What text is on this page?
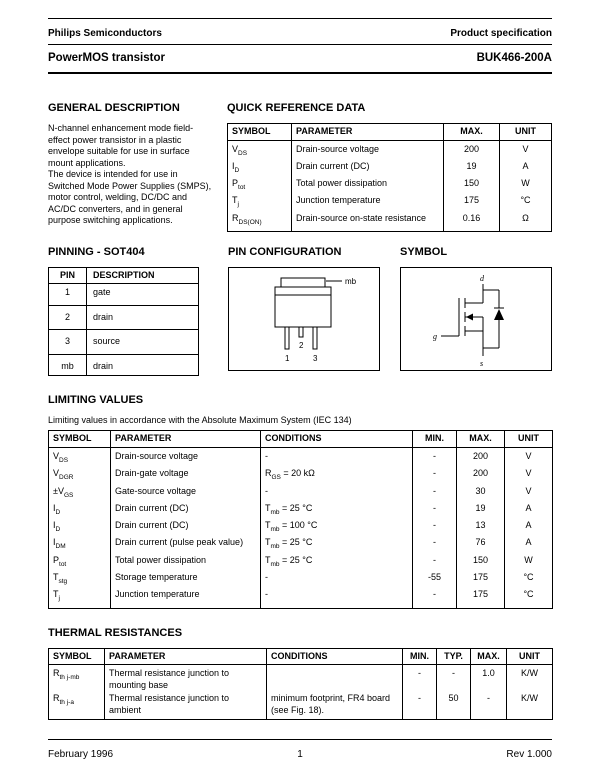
Philips Semiconductors	Product specification
PowerMOS transistor	BUK466-200A
GENERAL DESCRIPTION

N-channel enhancement mode field-effect power transistor in a plastic envelope suitable for use in surface mount applications.

The device is intended for use in Switched Mode Power Supplies (SMPS), motor control, welding, DC/DC and AC/DC converters, and in general purpose switching applications.

QUICK REFERENCE DATA
SYMBOL	PARAMETER	MAX.	UNIT
$V_{DS}$	Drain-source voltage	200	V
$I_D$	Drain current (DC)	19	A
$P_{tot}$	Total power dissipation	150	W
$T_j$	Junction temperature	175	°C
$R_{DS(ON)}$	Drain-source on-state resistance	0.16	Ω
PINNING - SOT404
PIN	DESCRIPTION
1	gate
2	drain
3	source
mb	drain
PIN CONFIGURATION
mb
1
2
3
SYMBOL
d
g
s
LIMITING VALUES

Limiting values in accordance with the Absolute Maximum System (IEC 134)

SYMBOL	PARAMETER	CONDITIONS	MIN.	MAX.	UNIT
$V_{DS}$	Drain-source voltage	-	-	200	V
$V_{DGR}$	Drain-gate voltage	$R_{GS} = 20$ kΩ	-	200	V
$\pm V_{GS}$	Gate-source voltage	-	-	30	V
$I_D$	Drain current (DC)	$T_{mb} = 25$ °C	-	19	A
$I_D$	Drain current (DC)	$T_{mb} = 100$ °C	-	13	A
$I_{DM}$	Drain current (pulse peak value)	$T_{mb} = 25$ °C	-	76	A
$P_{tot}$	Total power dissipation	$T_{mb} = 25$ °C	-	150	W
$T_{stg}$	Storage temperature	-	-55	175	°C
$T_j$	Junction temperature	-	-	175	°C
THERMAL RESISTANCES
SYMBOL	PARAMETER	CONDITIONS	MIN.	TYP.	MAX.	UNIT
$R_{th j-mb}$	Thermal resistance junction to mounting base		-	-	1.0	K/W
$R_{th j-a}$	Thermal resistance junction to ambient	minimum footprint, FR4 board (see Fig. 18).	-	50	-	K/W
February 1996	1	Rev 1.000
